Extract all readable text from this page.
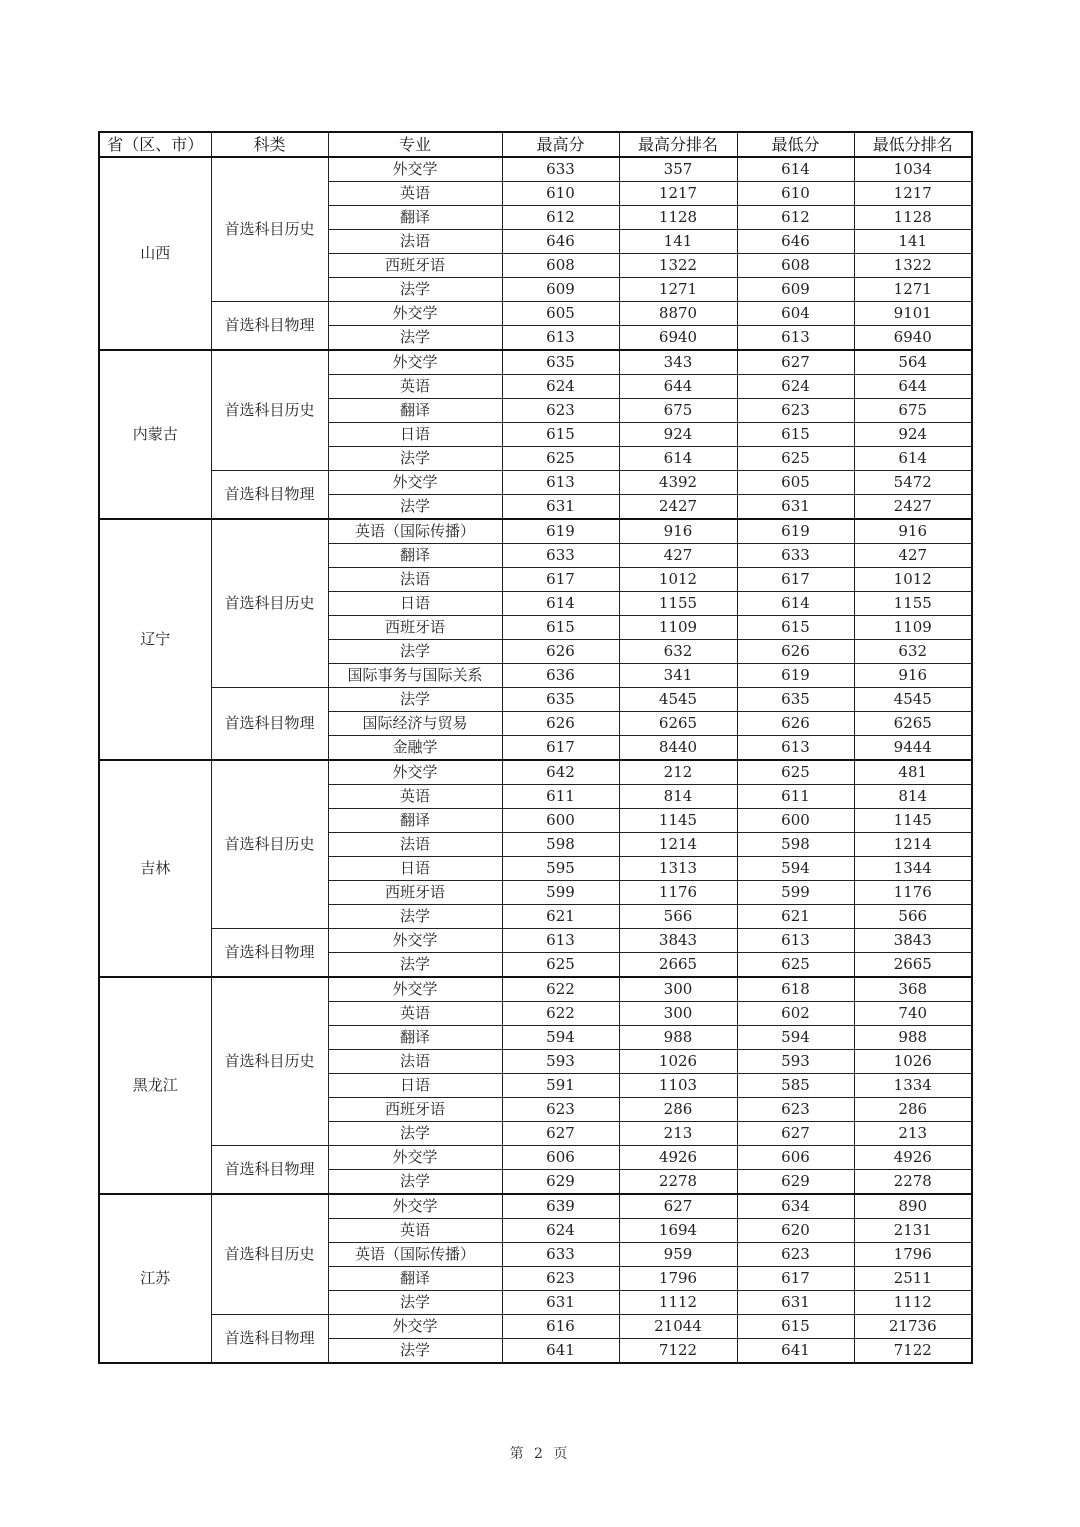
省（区、市）	科类	专业	最高分	最高分排名	最低分	最低分排名
山西	首选科目历史	外交学	633	357	614	1034
		英语	610	1217	610	1217
		翻译	612	1128	612	1128
		法语	646	141	646	141
		西班牙语	608	1322	608	1322
		法学	609	1271	609	1271
	首选科目物理	外交学	605	8870	604	9101
		法学	613	6940	613	6940
内蒙古	首选科目历史	外交学	635	343	627	564
		英语	624	644	624	644
		翻译	623	675	623	675
		日语	615	924	615	924
		法学	625	614	625	614
	首选科目物理	外交学	613	4392	605	5472
		法学	631	2427	631	2427
辽宁	首选科目历史	英语（国际传播）	619	916	619	916
		翻译	633	427	633	427
		法语	617	1012	617	1012
		日语	614	1155	614	1155
		西班牙语	615	1109	615	1109
		法学	626	632	626	632
		国际事务与国际关系	636	341	619	916
	首选科目物理	法学	635	4545	635	4545
		国际经济与贸易	626	6265	626	6265
		金融学	617	8440	613	9444
吉林	首选科目历史	外交学	642	212	625	481
		英语	611	814	611	814
		翻译	600	1145	600	1145
		法语	598	1214	598	1214
		日语	595	1313	594	1344
		西班牙语	599	1176	599	1176
		法学	621	566	621	566
	首选科目物理	外交学	613	3843	613	3843
		法学	625	2665	625	2665
黑龙江	首选科目历史	外交学	622	300	618	368
		英语	622	300	602	740
		翻译	594	988	594	988
		法语	593	1026	593	1026
		日语	591	1103	585	1334
		西班牙语	623	286	623	286
		法学	627	213	627	213
	首选科目物理	外交学	606	4926	606	4926
		法学	629	2278	629	2278
江苏	首选科目历史	外交学	639	627	634	890
		英语	624	1694	620	2131
		英语（国际传播）	633	959	623	1796
		翻译	623	1796	617	2511
		法学	631	1112	631	1112
	首选科目物理	外交学	616	21044	615	21736
		法学	641	7122	641	7122
第 2 页
